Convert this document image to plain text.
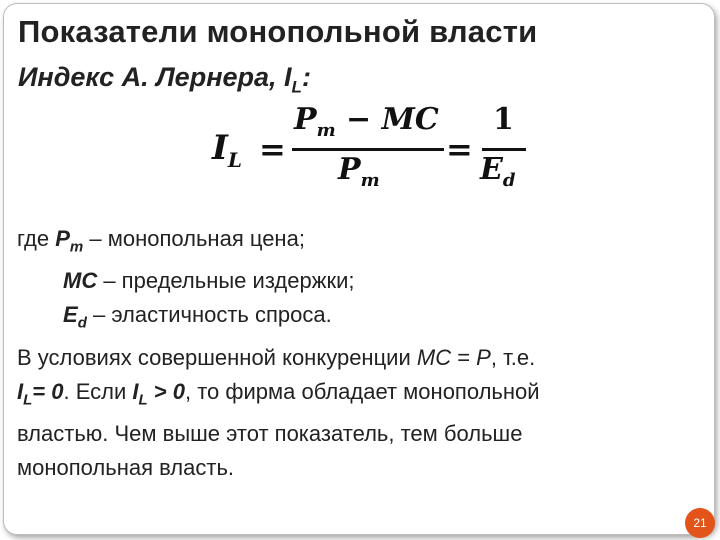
Показатели монопольной власти
Индекс А. Лернера, $I_L$:
$I_L$ =
$P_m$ − MC
$P_m$
=
1
$E_d$
где $P_m$ – монопольная цена;
MC – предельные издержки;
$E_d$ – эластичность спроса.
В условиях совершенной конкуренции MC = P, т.е.
$I_L= 0$. Если $I_L > 0$, то фирма обладает монопольной
властью. Чем выше этот показатель, тем больше
монопольная власть.
21
